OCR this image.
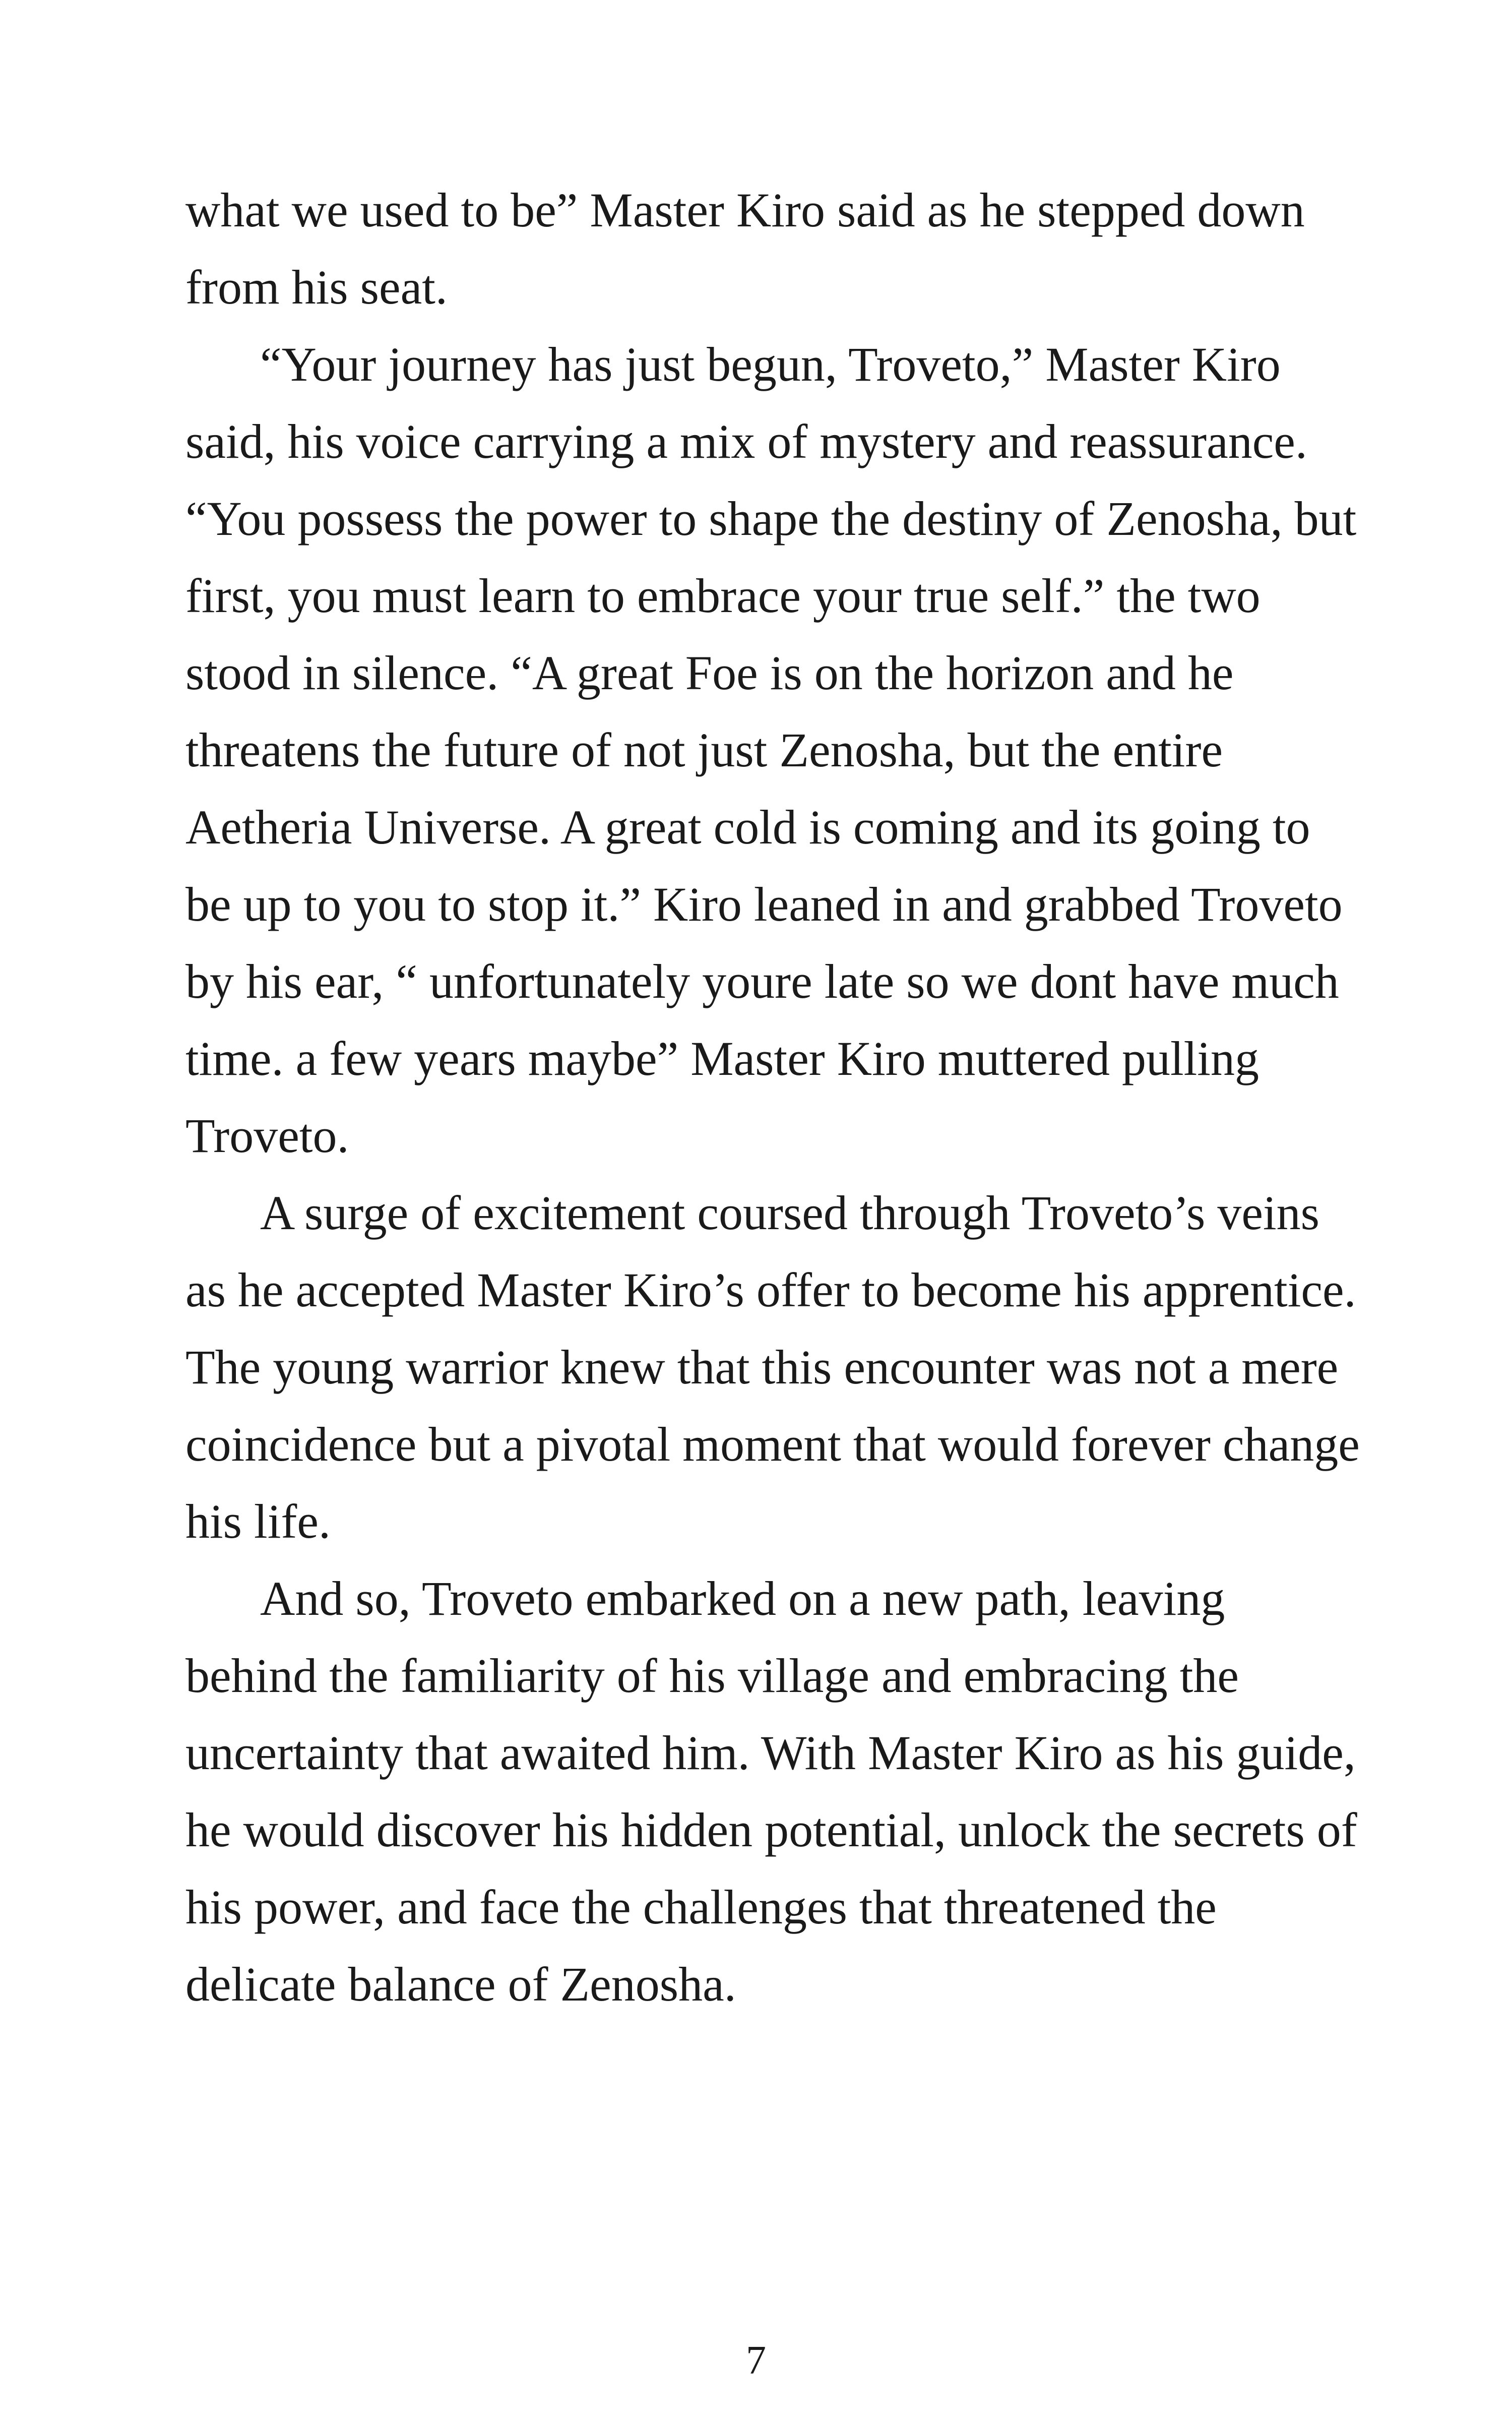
what we used to be” Master Kiro said as he stepped down from his seat.

“Your journey has just begun, Troveto,” Master Kiro said, his voice carrying a mix of mystery and reassurance. “You possess the power to shape the destiny of Zenosha, but first, you must learn to embrace your true self.” the two stood in silence. “A great Foe is on the horizon and he threatens the future of not just Zenosha, but the entire Aetheria Universe. A great cold is coming and its going to be up to you to stop it.” Kiro leaned in and grabbed Troveto by his ear, “ unfortunately youre late so we dont have much time. a few years maybe” Master Kiro muttered pulling Troveto.

A surge of excitement coursed through Troveto’s veins as he accepted Master Kiro’s offer to become his apprentice. The young warrior knew that this encounter was not a mere coincidence but a pivotal moment that would forever change his life.

And so, Troveto embarked on a new path, leaving behind the familiarity of his village and embracing the uncertainty that awaited him. With Master Kiro as his guide, he would discover his hidden potential, unlock the secrets of his power, and face the challenges that threatened the delicate balance of Zenosha.

7
